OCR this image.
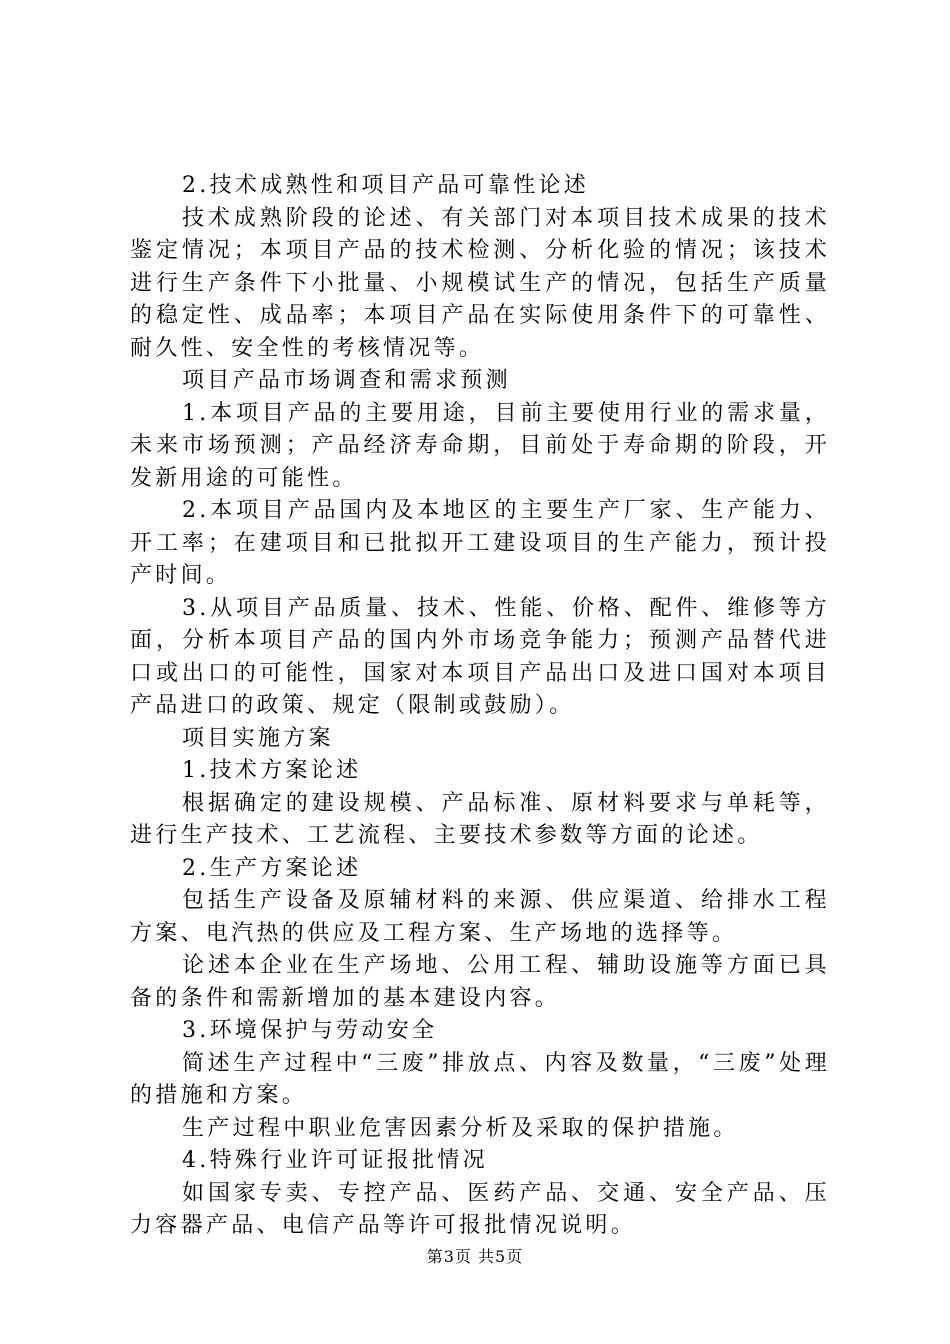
2.技术成熟性和项目产品可靠性论述

技术成熟阶段的论述、有关部门对本项目技术成果的技术鉴定情况；本项目产品的技术检测、分析化验的情况；该技术进行生产条件下小批量、小规模试生产的情况，包括生产质量的稳定性、成品率；本项目产品在实际使用条件下的可靠性、耐久性、安全性的考核情况等。

项目产品市场调查和需求预测

1.本项目产品的主要用途，目前主要使用行业的需求量，未来市场预测；产品经济寿命期，目前处于寿命期的阶段，开发新用途的可能性。

2.本项目产品国内及本地区的主要生产厂家、生产能力、开工率；在建项目和已批拟开工建设项目的生产能力，预计投产时间。

3.从项目产品质量、技术、性能、价格、配件、维修等方面，分析本项目产品的国内外市场竞争能力；预测产品替代进口或出口的可能性，国家对本项目产品出口及进口国对本项目产品进口的政策、规定（限制或鼓励）。

项目实施方案

1.技术方案论述

根据确定的建设规模、产品标准、原材料要求与单耗等，进行生产技术、工艺流程、主要技术参数等方面的论述。

2.生产方案论述

包括生产设备及原辅材料的来源、供应渠道、给排水工程方案、电汽热的供应及工程方案、生产场地的选择等。

论述本企业在生产场地、公用工程、辅助设施等方面已具备的条件和需新增加的基本建设内容。

3.环境保护与劳动安全

简述生产过程中“三废”排放点、内容及数量，“三废”处理的措施和方案。

生产过程中职业危害因素分析及采取的保护措施。

4.特殊行业许可证报批情况

如国家专卖、专控产品、医药产品、交通、安全产品、压力容器产品、电信产品等许可报批情况说明。

第3页 共5页
